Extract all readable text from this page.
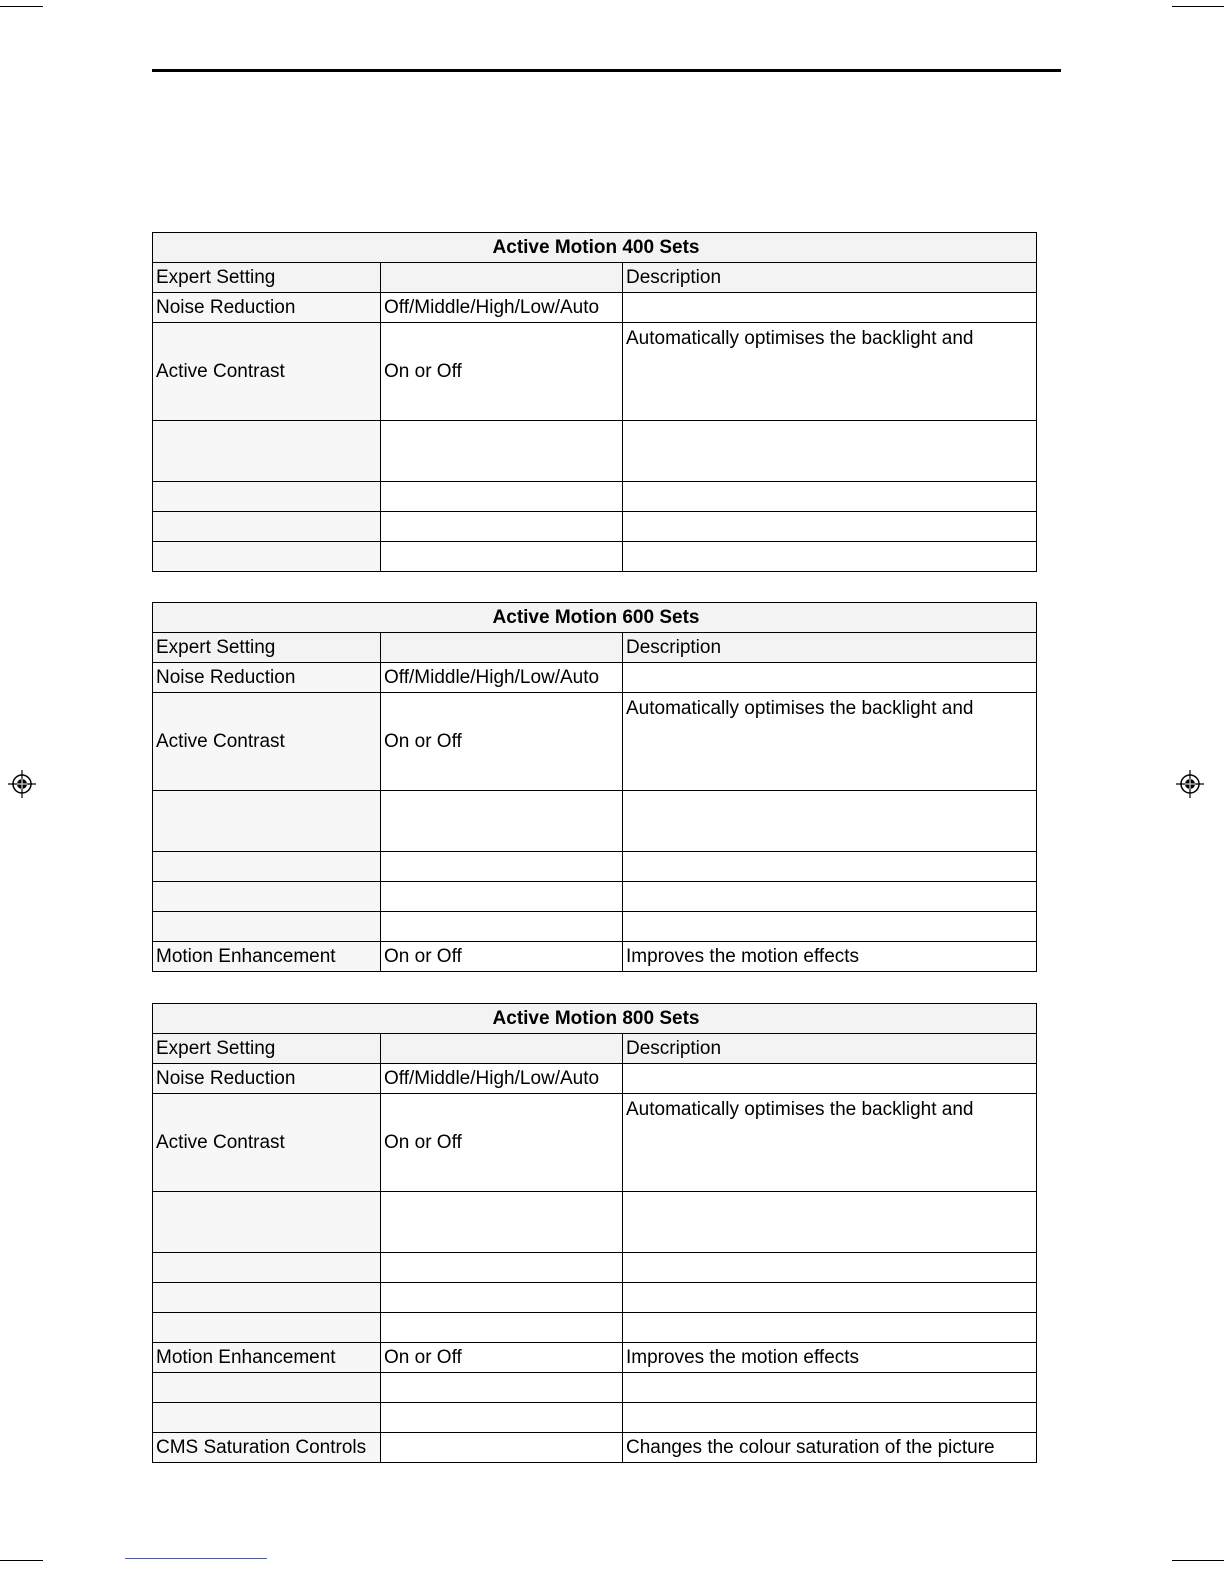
Active Motion 400 Sets		
Expert Setting		Description
Noise Reduction	Off/Middle/High/Low/Auto	
Active Contrast	On or Off	Automatically optimises the backlight and

Active Motion 600 Sets		
Expert Setting		Description
Noise Reduction	Off/Middle/High/Low/Auto	
Active Contrast	On or Off	Automatically optimises the backlight and

Motion Enhancement	On or Off	Improves the motion effects
Active Motion 800 Sets		
Expert Setting		Description
Noise Reduction	Off/Middle/High/Low/Auto	
Active Contrast	On or Off	Automatically optimises the backlight and

Motion Enhancement	On or Off	Improves the motion effects

CMS Saturation Controls		Changes the colour saturation of the picture
